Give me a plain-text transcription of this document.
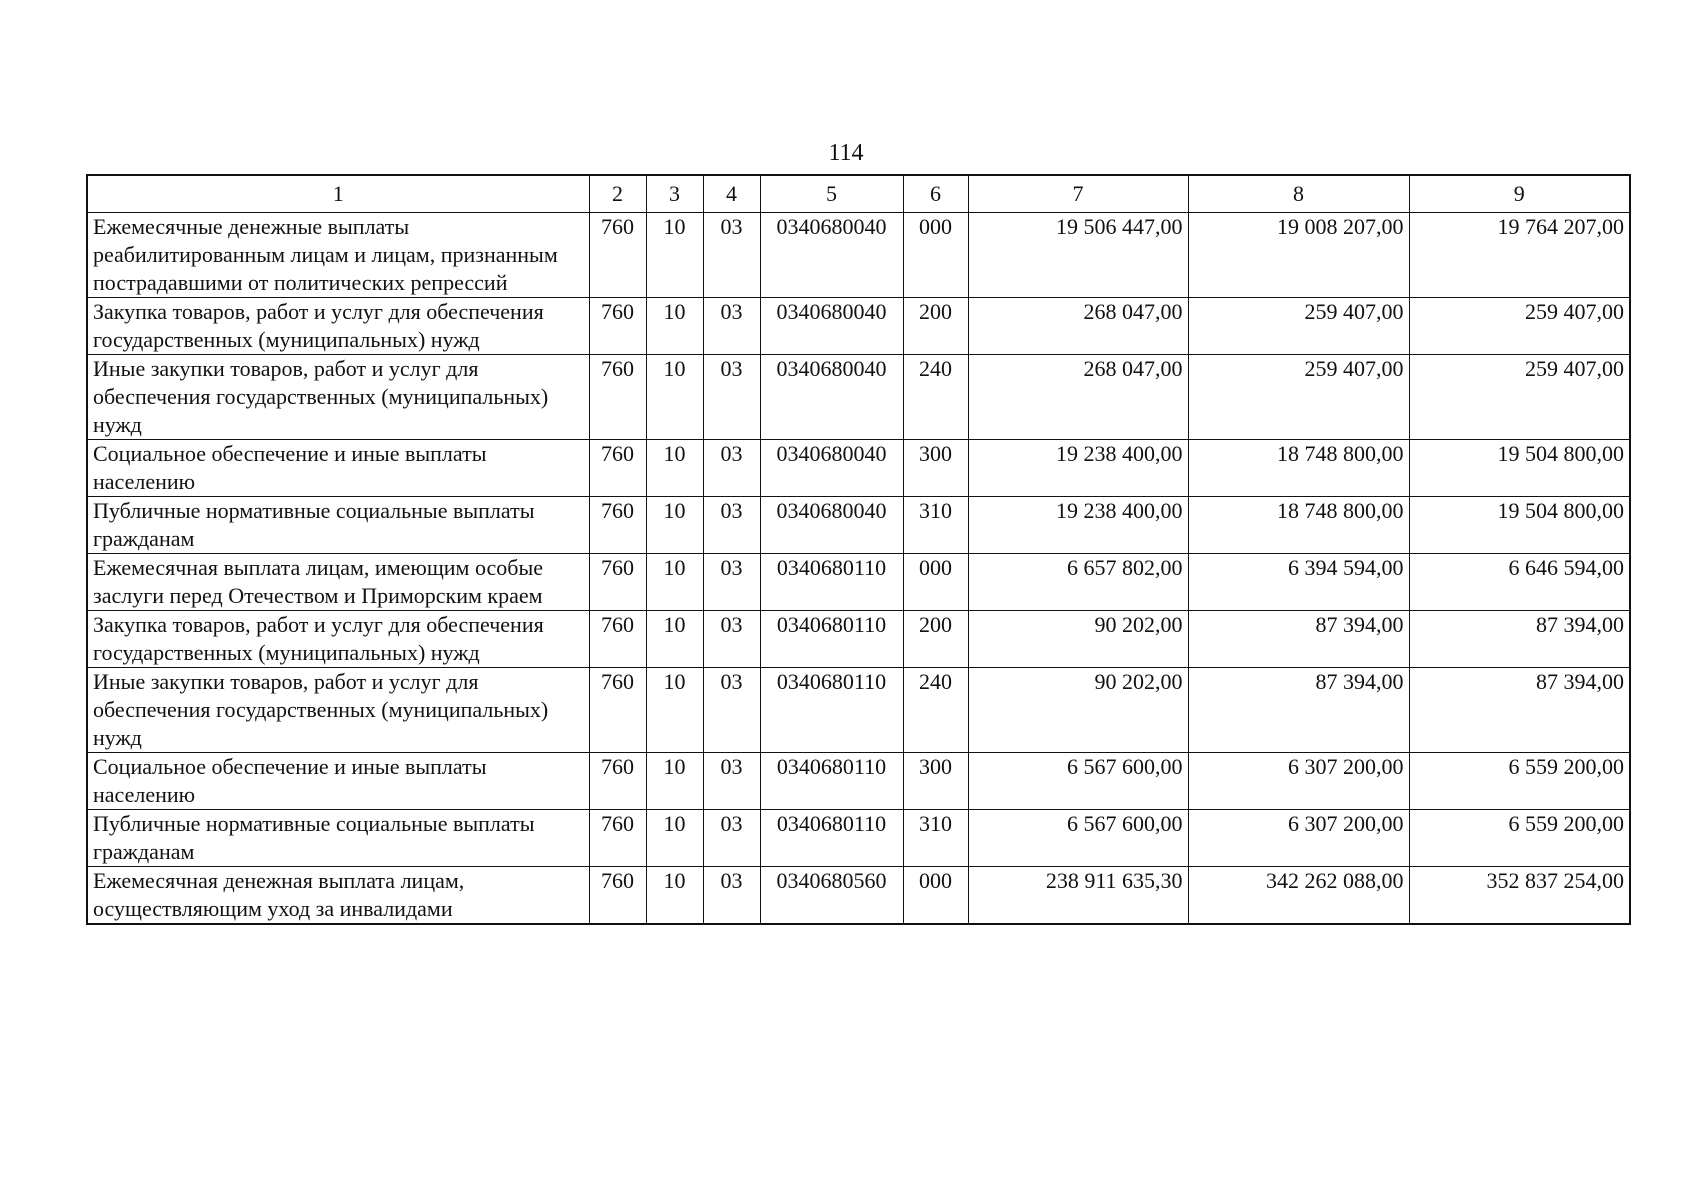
114
1	2	3	4	5	6	7	8	9
Ежемесячные денежные выплаты реабилитированным лицам и лицам, признанным пострадавшими от политических репрессий	760	10	03	0340680040	000	19 506 447,00	19 008 207,00	19 764 207,00
Закупка товаров, работ и услуг для обеспечения государственных (муниципальных) нужд	760	10	03	0340680040	200	268 047,00	259 407,00	259 407,00
Иные закупки товаров, работ и услуг для обеспечения государственных (муниципальных) нужд	760	10	03	0340680040	240	268 047,00	259 407,00	259 407,00
Социальное обеспечение и иные выплаты населению	760	10	03	0340680040	300	19 238 400,00	18 748 800,00	19 504 800,00
Публичные нормативные социальные выплаты гражданам	760	10	03	0340680040	310	19 238 400,00	18 748 800,00	19 504 800,00
Ежемесячная выплата лицам, имеющим особые заслуги перед Отечеством и Приморским краем	760	10	03	0340680110	000	6 657 802,00	6 394 594,00	6 646 594,00
Закупка товаров, работ и услуг для обеспечения государственных (муниципальных) нужд	760	10	03	0340680110	200	90 202,00	87 394,00	87 394,00
Иные закупки товаров, работ и услуг для обеспечения государственных (муниципальных) нужд	760	10	03	0340680110	240	90 202,00	87 394,00	87 394,00
Социальное обеспечение и иные выплаты населению	760	10	03	0340680110	300	6 567 600,00	6 307 200,00	6 559 200,00
Публичные нормативные социальные выплаты гражданам	760	10	03	0340680110	310	6 567 600,00	6 307 200,00	6 559 200,00
Ежемесячная денежная выплата лицам, осуществляющим уход за инвалидами	760	10	03	0340680560	000	238 911 635,30	342 262 088,00	352 837 254,00
